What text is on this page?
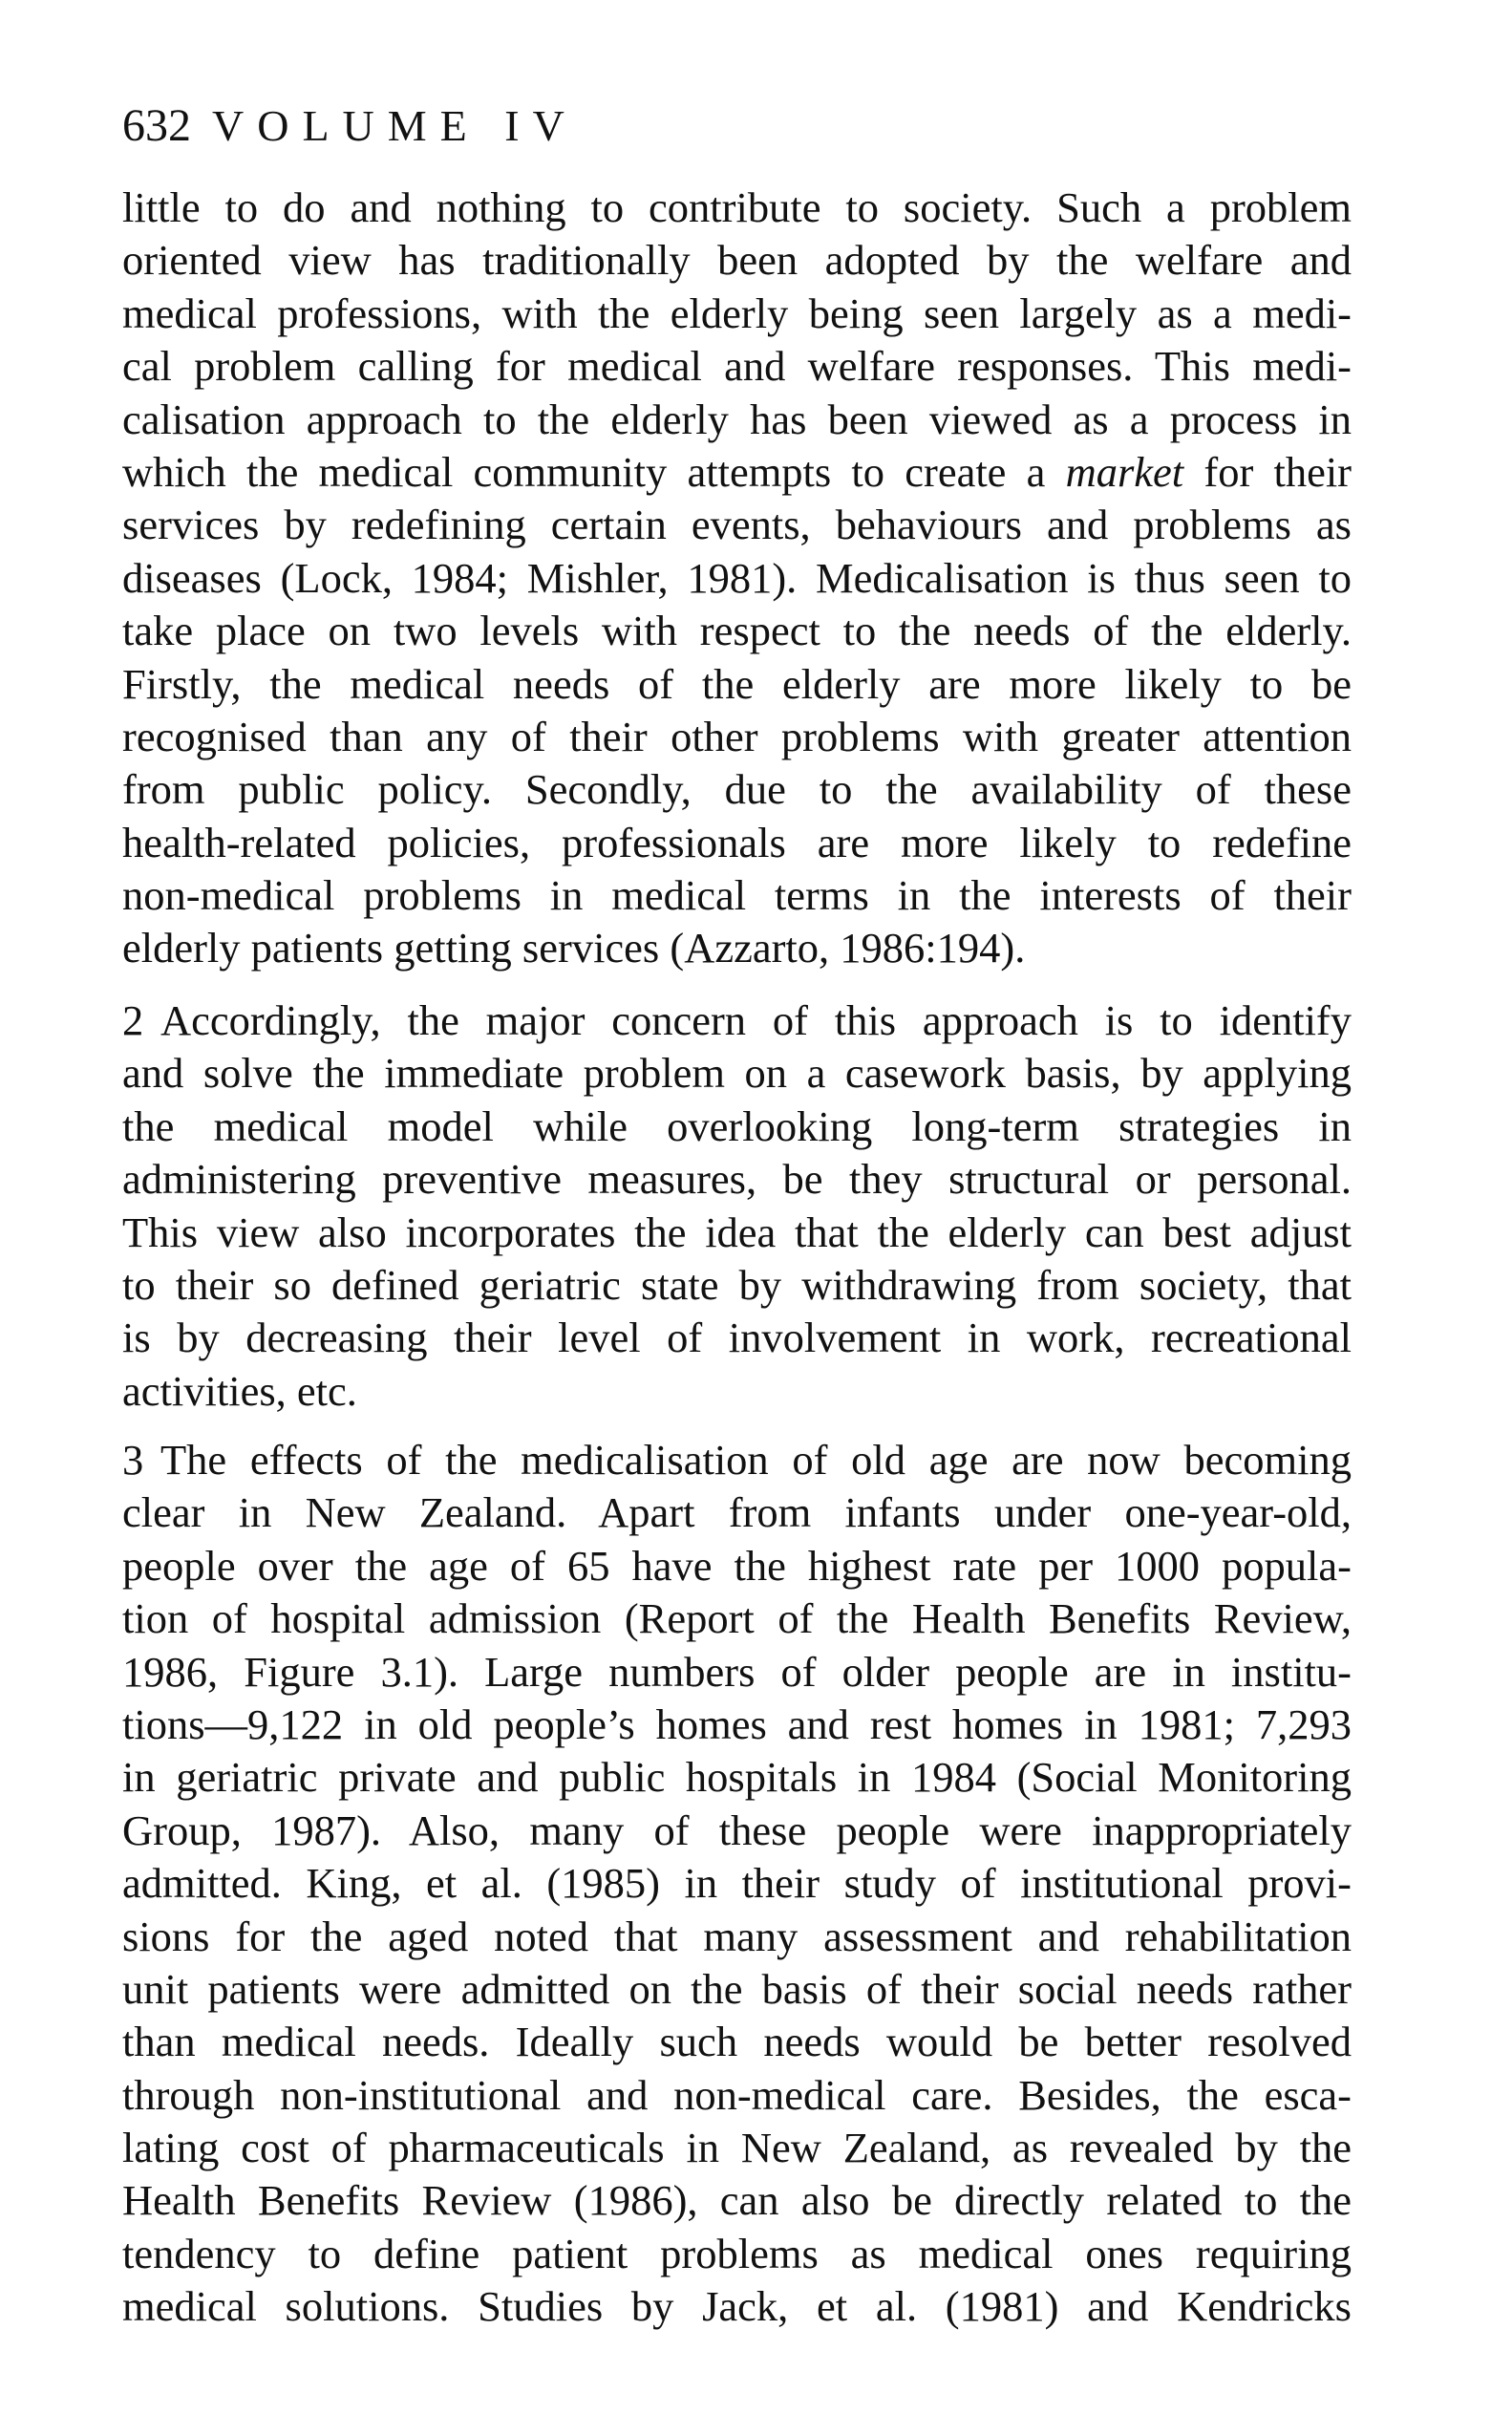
632 VOLUME IV
little to do and nothing to contribute to society. Such a problem
oriented view has traditionally been adopted by the welfare and
medical professions, with the elderly being seen largely as a medi-
cal problem calling for medical and welfare responses. This medi-
calisation approach to the elderly has been viewed as a process in
which the medical community attempts to create a market for their
services by redefining certain events, behaviours and problems as
diseases (Lock, 1984; Mishler, 1981). Medicalisation is thus seen to
take place on two levels with respect to the needs of the elderly.
Firstly, the medical needs of the elderly are more likely to be
recognised than any of their other problems with greater attention
from public policy. Secondly, due to the availability of these
health-related policies, professionals are more likely to redefine
non-medical problems in medical terms in the interests of their
elderly patients getting services (Azzarto, 1986:194).
2 Accordingly, the major concern of this approach is to identify
and solve the immediate problem on a casework basis, by applying
the medical model while overlooking long-term strategies in
administering preventive measures, be they structural or personal.
This view also incorporates the idea that the elderly can best adjust
to their so defined geriatric state by withdrawing from society, that
is by decreasing their level of involvement in work, recreational
activities, etc.
3 The effects of the medicalisation of old age are now becoming
clear in New Zealand. Apart from infants under one-year-old,
people over the age of 65 have the highest rate per 1000 popula-
tion of hospital admission (Report of the Health Benefits Review,
1986, Figure 3.1). Large numbers of older people are in institu-
tions—9,122 in old people’s homes and rest homes in 1981; 7,293
in geriatric private and public hospitals in 1984 (Social Monitoring
Group, 1987). Also, many of these people were inappropriately
admitted. King, et al. (1985) in their study of institutional provi-
sions for the aged noted that many assessment and rehabilitation
unit patients were admitted on the basis of their social needs rather
than medical needs. Ideally such needs would be better resolved
through non-institutional and non-medical care. Besides, the esca-
lating cost of pharmaceuticals in New Zealand, as revealed by the
Health Benefits Review (1986), can also be directly related to the
tendency to define patient problems as medical ones requiring
medical solutions. Studies by Jack, et al. (1981) and Kendricks
